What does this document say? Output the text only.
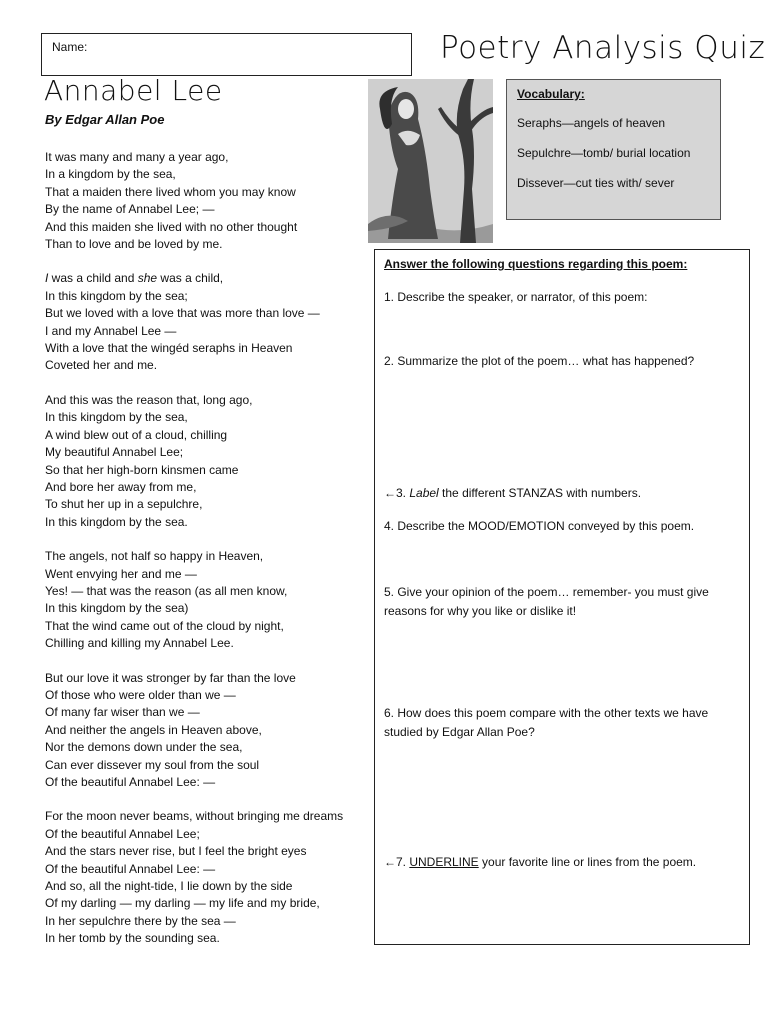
Name:	Poetry Analysis Quiz
Annabel Lee
By Edgar Allan Poe
It was many and many a year ago,
In a kingdom by the sea,
That a maiden there lived whom you may know
By the name of Annabel Lee; —
And this maiden she lived with no other thought
Than to love and be loved by me.
I was a child and she was a child,
In this kingdom by the sea;
But we loved with a love that was more than love —
I and my Annabel Lee —
With a love that the wingéd seraphs in Heaven
Coveted her and me.
And this was the reason that, long ago,
In this kingdom by the sea,
A wind blew out of a cloud, chilling
My beautiful Annabel Lee;
So that her high-born kinsmen came
And bore her away from me,
To shut her up in a sepulchre,
In this kingdom by the sea.
The angels, not half so happy in Heaven,
Went envying her and me —
Yes! — that was the reason (as all men know,
In this kingdom by the sea)
That the wind came out of the cloud by night,
Chilling and killing my Annabel Lee.
But our love it was stronger by far than the love
Of those who were older than we —
Of many far wiser than we —
And neither the angels in Heaven above,
Nor the demons down under the sea,
Can ever dissever my soul from the soul
Of the beautiful Annabel Lee: —
For the moon never beams, without bringing me dreams
Of the beautiful Annabel Lee;
And the stars never rise, but I feel the bright eyes
Of the beautiful Annabel Lee: —
And so, all the night-tide, I lie down by the side
Of my darling — my darling — my life and my bride,
In her sepulchre there by the sea —
In her tomb by the sounding sea.
Vocabulary:
Seraphs—angels of heaven
Sepulchre—tomb/ burial location
Dissever—cut ties with/ sever
Answer the following questions regarding this poem:
1. Describe the speaker, or narrator, of this poem:
2. Summarize the plot of the poem… what has happened?
←3. Label the different STANZAS with numbers.
4. Describe the MOOD/EMOTION conveyed by this poem.
5. Give your opinion of the poem… remember- you must give reasons for why you like or dislike it!
6. How does this poem compare with the other texts we have studied by Edgar Allan Poe?
←7. UNDERLINE your favorite line or lines from the poem.
